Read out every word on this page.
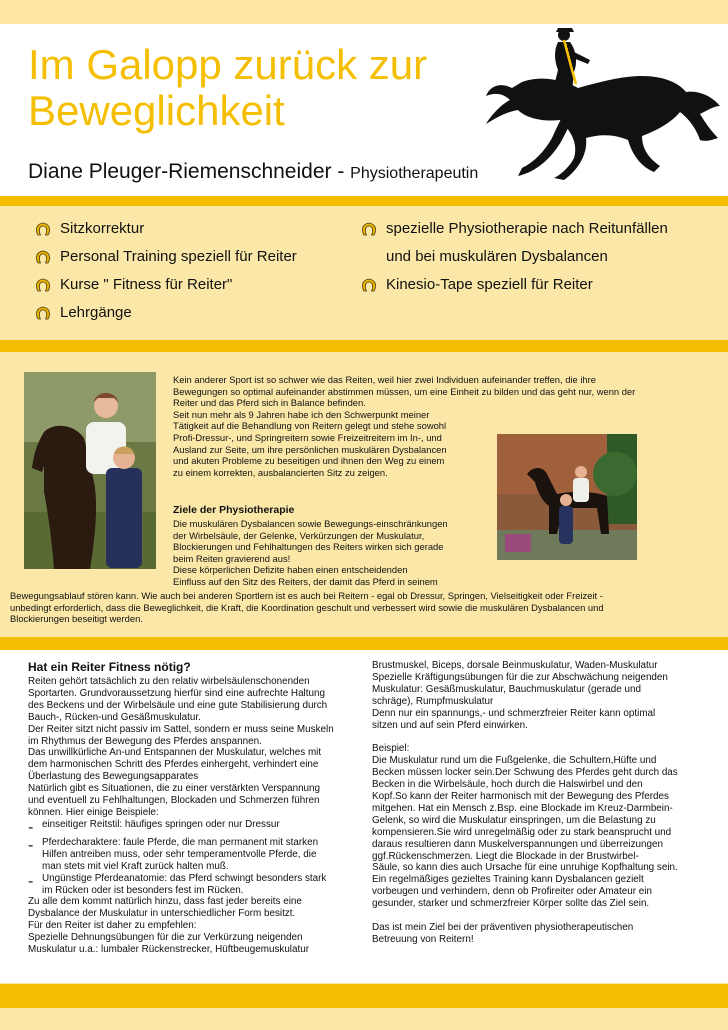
Im Galopp zurück zur
Beweglichkeit
Diane Pleuger-Riemenschneider - Physiotherapeutin
Sitzkorrektur
Personal Training speziell für Reiter
Kurse " Fitness für Reiter"
Lehrgänge
spezielle Physiotherapie nach Reitunfällen
und bei muskulären Dysbalancen
Kinesio-Tape speziell für Reiter

Kein anderer Sport ist so schwer wie das Reiten, weil hier zwei Individuen aufeinander treffen, die ihre

Bewegungen so optimal aufeinander abstimmen müssen, um eine Einheit zu bilden und das geht nur, wenn der

Reiter und das Pferd sich in Balance befinden.

Seit nun mehr als 9 Jahren habe ich den Schwerpunkt meiner

Tätigkeit auf die Behandlung von Reitern gelegt und stehe sowohl

Profi-Dressur-, und Springreitern sowie Freizeitreitern im In-, und

Ausland zur Seite, um ihre persönlichen muskulären Dysbalancen

und akuten Probleme zu beseitigen und ihnen den Weg zu einem

zu einem korrekten, ausbalancierten Sitz zu zeigen.

Ziele der Physiotherapie

Die muskulären Dysbalancen sowie Bewegungs-einschränkungen

der Wirbelsäule, der Gelenke, Verkürzungen der Muskulatur,

Blockierungen und Fehlhaltungen des Reiters wirken sich gerade

beim Reiten gravierend aus!

Diese körperlichen Defizite haben einen entscheidenden

Einfluss auf den Sitz des Reiters, der damit das Pferd in seinem

Bewegungsablauf stören kann. Wie auch bei anderen Sportlern ist es auch bei Reitern - egal ob Dressur, Springen, Vielseitigkeit oder Freizeit -

unbedingt erforderlich, dass die Beweglichkeit, die Kraft, die Koordination geschult und verbessert wird sowie die muskulären Dysbalancen und

Blockierungen beseitigt werden.

Hat ein Reiter Fitness nötig?

Reiten gehört tatsächlich zu den relativ wirbelsäulenschonenden

Sportarten. Grundvoraussetzung hierfür sind eine aufrechte Haltung

des Beckens und der Wirbelsäule und eine gute Stabilisierung durch

Bauch-, Rücken-und Gesäßmuskulatur.

Der Reiter sitzt nicht passiv im Sattel, sondern er muss seine Muskeln

im Rhythmus der Bewegung des Pferdes anspannen.

Das unwillkürliche An-und Entspannen der Muskulatur, welches mit

dem harmonischen Schritt des Pferdes einhergeht, verhindert eine

Überlastung des Bewegungsapparates

Natürlich gibt es Situationen, die zu einer verstärkten Verspannung

und eventuell zu Fehlhaltungen, Blockaden und Schmerzen führen

können. Hier einige Beispiele:

- einseitiger Reitstil: häufiges springen oder nur Dressur

- Pferdecharaktere: faule Pferde, die man permanent mit starken

Hilfen antreiben muss, oder sehr temperamentvolle Pferde, die

man stets mit viel Kraft zurück halten muß.

- Ungünstige Pferdeanatomie: das Pferd schwingt besonders stark

im Rücken oder ist besonders fest im Rücken.

Zu alle dem kommt natürlich hinzu, dass fast jeder bereits eine

Dysbalance der Muskulatur in unterschiedlicher Form besitzt.

Für den Reiter ist daher zu empfehlen:

Spezielle Dehnungsübungen für die zur Verkürzung neigenden

Muskulatur u.a.: lumbaler Rückenstrecker, Hüftbeugemuskulatur

Brustmuskel, Biceps, dorsale Beinmuskulatur, Waden-Muskulatur

Spezielle Kräftigungsübungen für die zur Abschwächung neigenden

Muskulatur: Gesäßmuskulatur, Bauchmuskulatur (gerade und

schräge), Rumpfmuskulatur

Denn nur ein spannungs,- und schmerzfreier Reiter kann optimal

sitzen und auf sein Pferd einwirken.

Beispiel:

Die Muskulatur rund um die Fußgelenke, die Schultern,Hüfte und

Becken müssen locker sein.Der Schwung des Pferdes geht durch das

Becken in die Wirbelsäule, hoch durch die Halswirbel und den

Kopf.So kann der Reiter harmonisch mit der Bewegung des Pferdes

mitgehen. Hat ein Mensch z.Bsp. eine Blockade im Kreuz-Darmbein-

Gelenk, so wird die Muskulatur einspringen, um die Belastung zu

kompensieren.Sie wird unregelmäßig oder zu stark beansprucht und

daraus resultieren dann Muskelverspannungen und überreizungen

ggf.Rückenschmerzen. Liegt die Blockade in der Brustwirbel-

Säule, so kann dies auch Ursache für eine unruhige Kopfhaltung sein.

Ein regelmäßiges gezieltes Training kann Dysbalancen gezielt

vorbeugen und verhindern, denn ob Profireiter oder Amateur ein

gesunder, starker und schmerzfreier Körper sollte das Ziel sein.

Das ist mein Ziel bei der präventiven physiotherapeutischen

Betreuung von Reitern!
